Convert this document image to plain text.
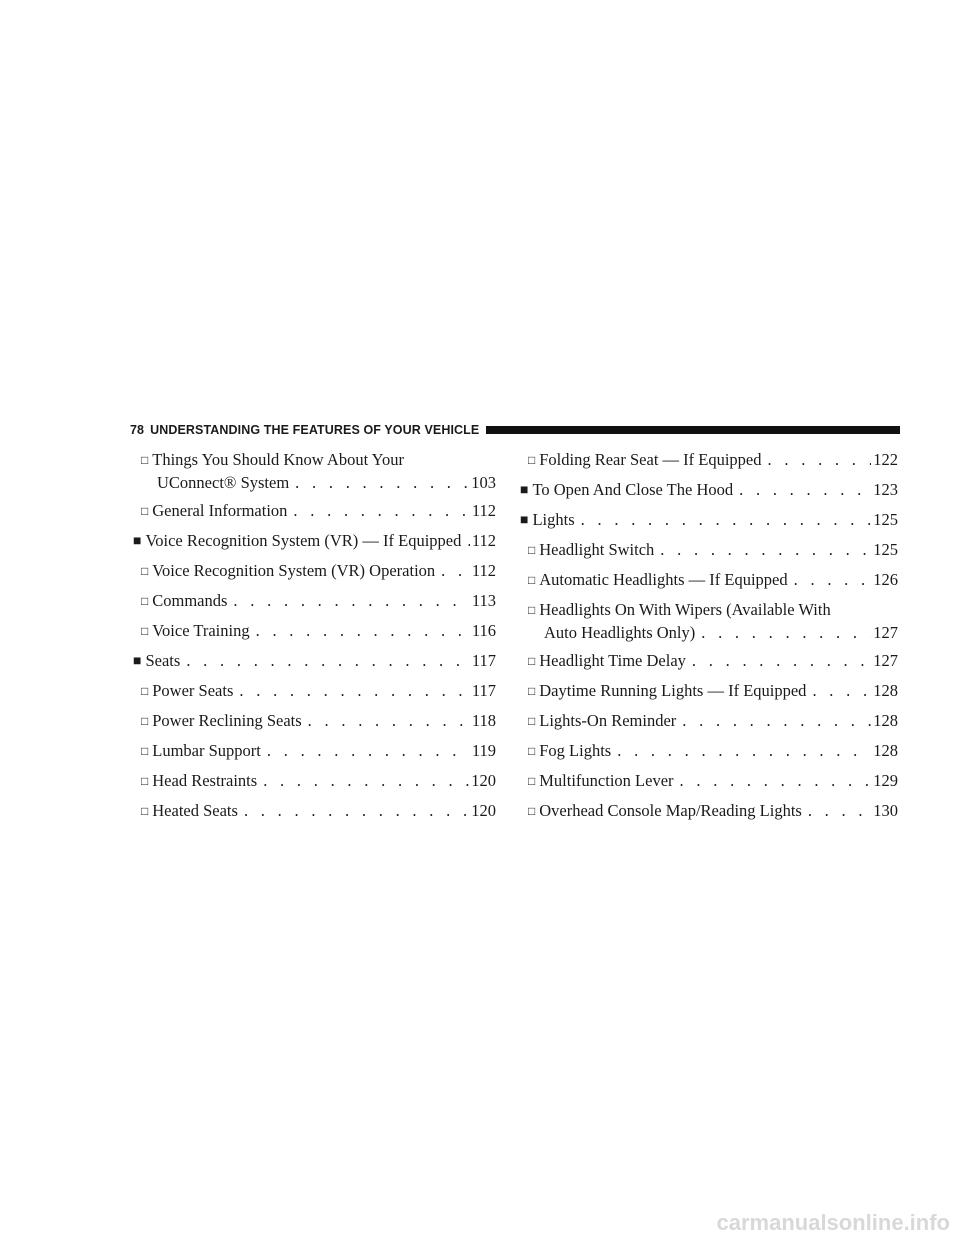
78 UNDERSTANDING THE FEATURES OF YOUR VEHICLE
□ Things You Should Know About Your
UConnect® System . . .	103
□ General Information . . .	112
■ Voice Recognition System (VR) — If Equipped . . . 112
□ Voice Recognition System (VR) Operation . . . 112
□ Commands . . .	113
□ Voice Training . . .	116
■ Seats . . .	117
□ Power Seats . . .	117
□ Power Reclining Seats . . .	118
□ Lumbar Support . . .	119
□ Head Restraints . . .	120
□ Heated Seats . . .	120
□ Folding Rear Seat — If Equipped . . .	122
■ To Open And Close The Hood . . .	123
■ Lights . . .	125
□ Headlight Switch . . .	125
□ Automatic Headlights — If Equipped . . .	126
□ Headlights On With Wipers (Available With
Auto Headlights Only) . . .	127
□ Headlight Time Delay . . .	127
□ Daytime Running Lights — If Equipped . . .	128
□ Lights-On Reminder . . .	128
□ Fog Lights . . .	128
□ Multifunction Lever . . .	129
□ Overhead Console Map/Reading Lights . . .	130
carmanualsonline.info
